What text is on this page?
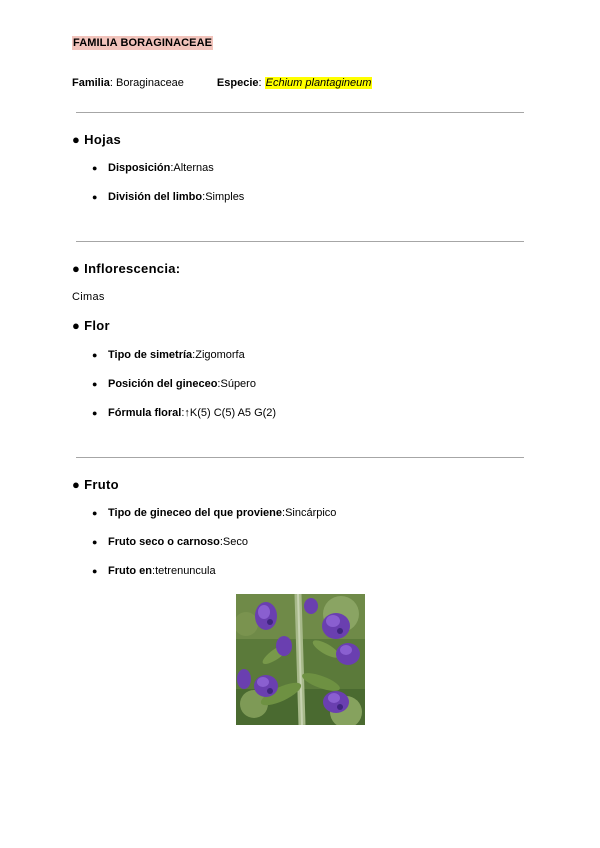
FAMILIA BORAGINACEAE
Familia: Boraginaceae	Especie: Echium plantagineum
● Hojas
● Disposición : Alternas
● División del limbo : Simples
● Inflorescencia:
Cimas
● Flor
● Tipo de simetría : Zigomorfa
● Posición del gineceo : Súpero
● Fórmula floral : ↑K(5) C(5) A5 G(2)
● Fruto
● Tipo de gineceo del que proviene : Sincárpico
● Fruto seco o carnoso : Seco
● Fruto en : tetrenuncula
